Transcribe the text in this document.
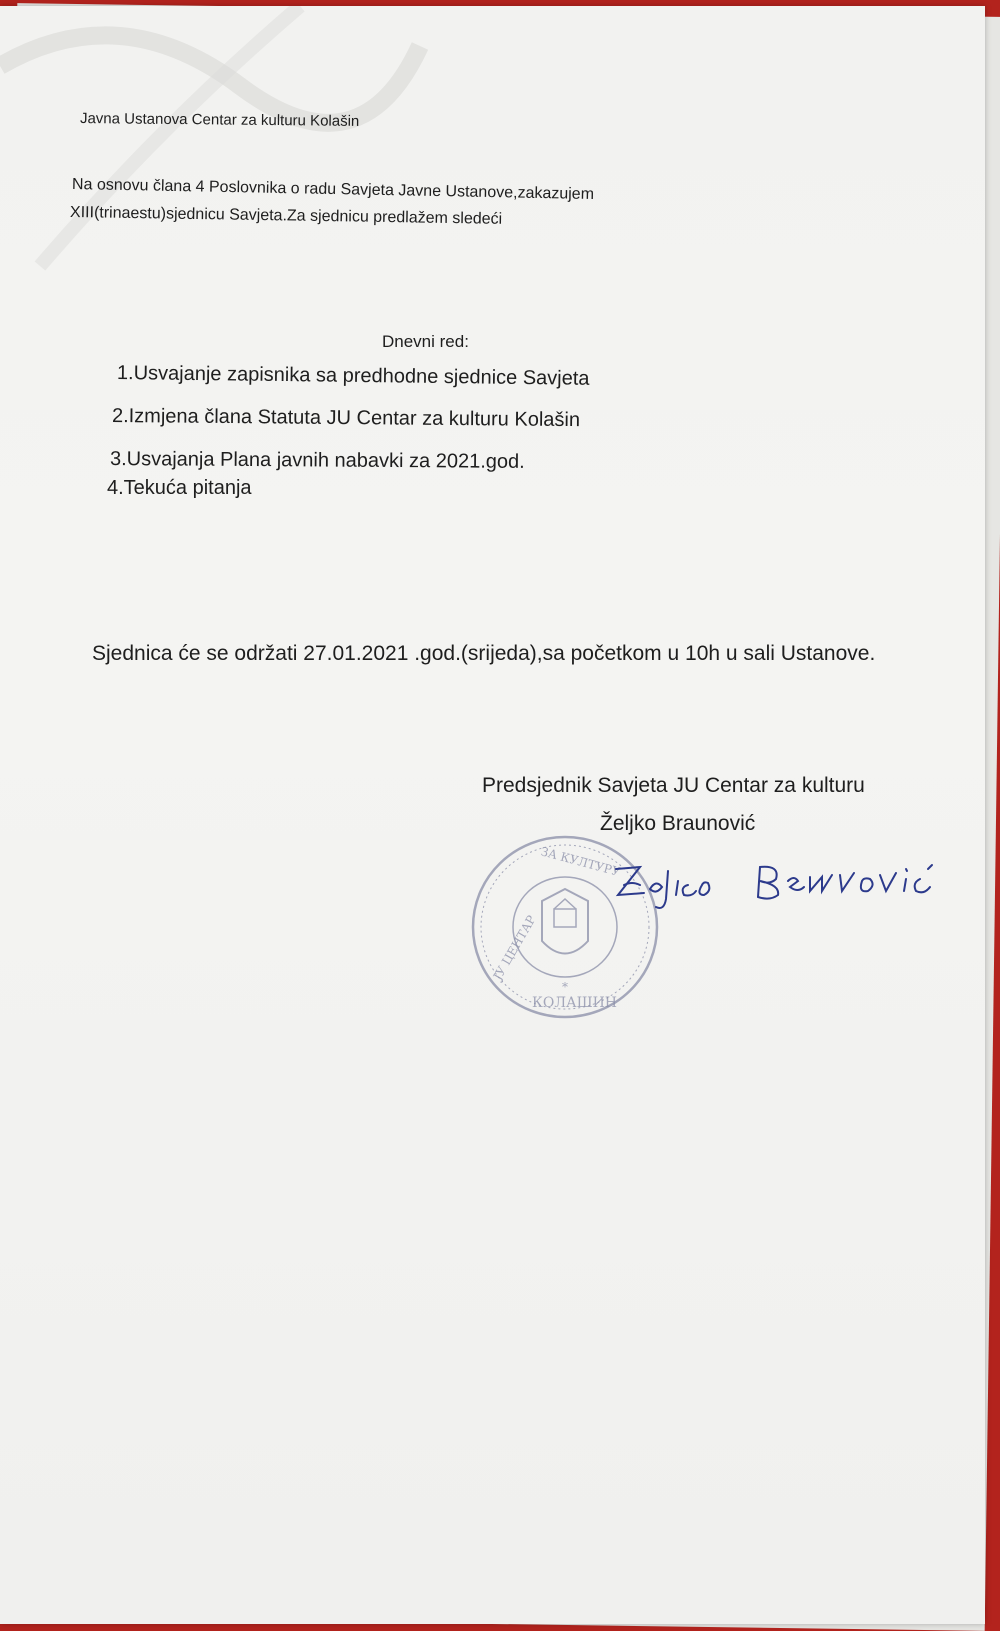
Javna Ustanova Centar za kulturu Kolašin
Na osnovu člana 4 Poslovnika o radu Savjeta Javne Ustanove,zakazujem
XIII(trinaestu)sjednicu Savjeta.Za sjednicu predlažem sledeći
Dnevni red:
1.Usvajanje zapisnika sa predhodne sjednice Savjeta
2.Izmjena člana Statuta JU Centar za kulturu Kolašin
3.Usvajanja Plana javnih nabavki za 2021.god.
4.Tekuća pitanja
Sjednica će se održati 27.01.2021 .god.(srijeda),sa početkom u 10h u sali Ustanove.
Predsjednik Savjeta JU Centar za kulturu
Željko Braunović
ЈУ ЦЕНТАР
ЗА КУЛТУРУ
КОЛАШИН
*
